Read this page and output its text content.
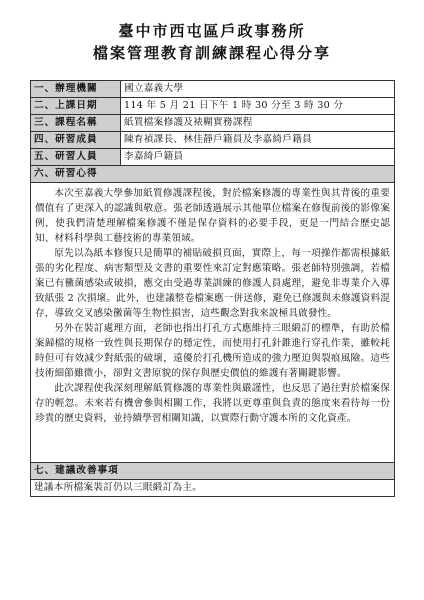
臺中市西屯區戶政事務所
檔案管理教育訓練課程心得分享
一、辦理機關	國立嘉義大學
二、上課日期	114 年 5 月 21 日下午 1 時 30 分至 3 時 30 分
三、課程名稱	紙質檔案修護及裱糊實務課程
四、研習成員	陳育禎課長、林佳靜戶籍員及李嘉綺戶籍員
五、研習人員	李嘉綺戶籍員
六、研習心得	

本次至嘉義大學參加紙質修護課程後，對於檔案修護的專業性與其背後的重要價值有了更深入的認識與敬意。張老師透過展示其他單位檔案在修復前後的影像案例，使我們清楚理解檔案修護不僅是保存資料的必要手段，更是一門結合歷史認知、材料科學與工藝技術的專業領域。

原先以為紙本修復只是簡單的補貼破損頁面，實際上，每一項操作都需根據紙張的劣化程度、病害類型及文書的重要性來訂定對應策略。張老師特別強調，若檔案已有黴菌感染或破損，應交由受過專業訓練的修護人員處理，避免非專業介入導致紙張 2 次損壞。此外，也建議整卷檔案應一併送修，避免已修護與未修護資料混存，導致交叉感染黴菌等生物性損害，這些觀念對我來說極具啟發性。

另外在裝訂處理方面，老師也指出打孔方式應維持三眼緞訂的標準，有助於檔案歸檔的規格一致性與長期保存的穩定性，而使用打孔針錐進行穿孔作業，雖較耗時但可有效減少對紙張的破壞，遠優於打孔機所造成的強力壓迫與裂痕風險。這些技術細節雖微小，卻對文書原貌的保存與歷史價值的維護有著關鍵影響。

此次課程使我深刻理解紙質修護的專業性與嚴謹性，也反思了過往對於檔案保存的輕忽。未來若有機會參與相關工作，我將以更尊重與負責的態度來看待每一份珍貴的歷史資料，並持續學習相關知識，以實際行動守護本所的文化資產。	

七、建議改善事項	
建議本所檔案裝訂仍以三眼緞訂為主。	
